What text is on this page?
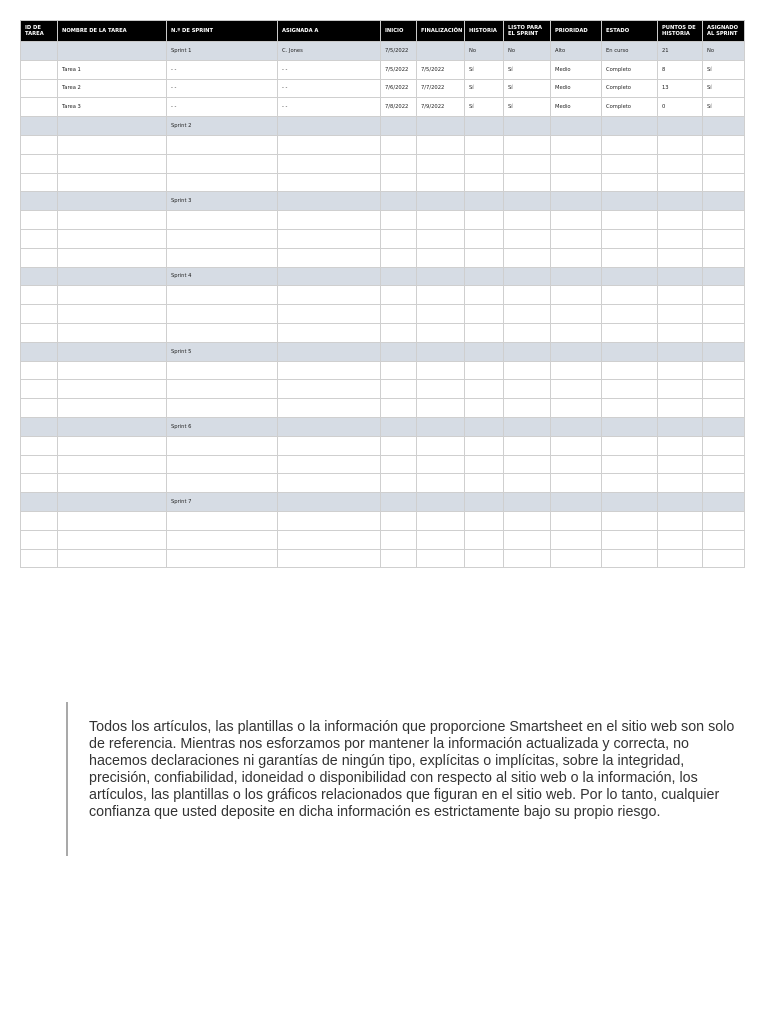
ID DE TAREA	NOMBRE DE LA TAREA	N.º DE SPRINT	ASIGNADA A	INICIO	FINALIZACIÓN	HISTORIA	LISTO PARA EL SPRINT	PRIORIDAD	ESTADO	PUNTOS DE HISTORIA	ASIGNADO AL SPRINT
		Sprint 1	C. Jones	7/5/2022		No	No	Alto	En curso	21	No
	Tarea 1	- -	- -	7/5/2022	7/5/2022	Sí	Sí	Medio	Completo	8	Sí
	Tarea 2	- -	- -	7/6/2022	7/7/2022	Sí	Sí	Medio	Completo	13	Sí
	Tarea 3	- -	- -	7/8/2022	7/9/2022	Sí	Sí	Medio	Completo	0	Sí
		Sprint 2									

		Sprint 3									

		Sprint 4									

		Sprint 5									

		Sprint 6									

		Sprint 7									

Todos los artículos, las plantillas o la información que proporcione Smartsheet en el sitio web son solo de referencia. Mientras nos esforzamos por mantener la información actualizada y correcta, no hacemos declaraciones ni garantías de ningún tipo, explícitas o implícitas, sobre la integridad, precisión, confiabilidad, idoneidad o disponibilidad con respecto al sitio web o la información, los artículos, las plantillas o los gráficos relacionados que figuran en el sitio web. Por lo tanto, cualquier confianza que usted deposite en dicha información es estrictamente bajo su propio riesgo.
